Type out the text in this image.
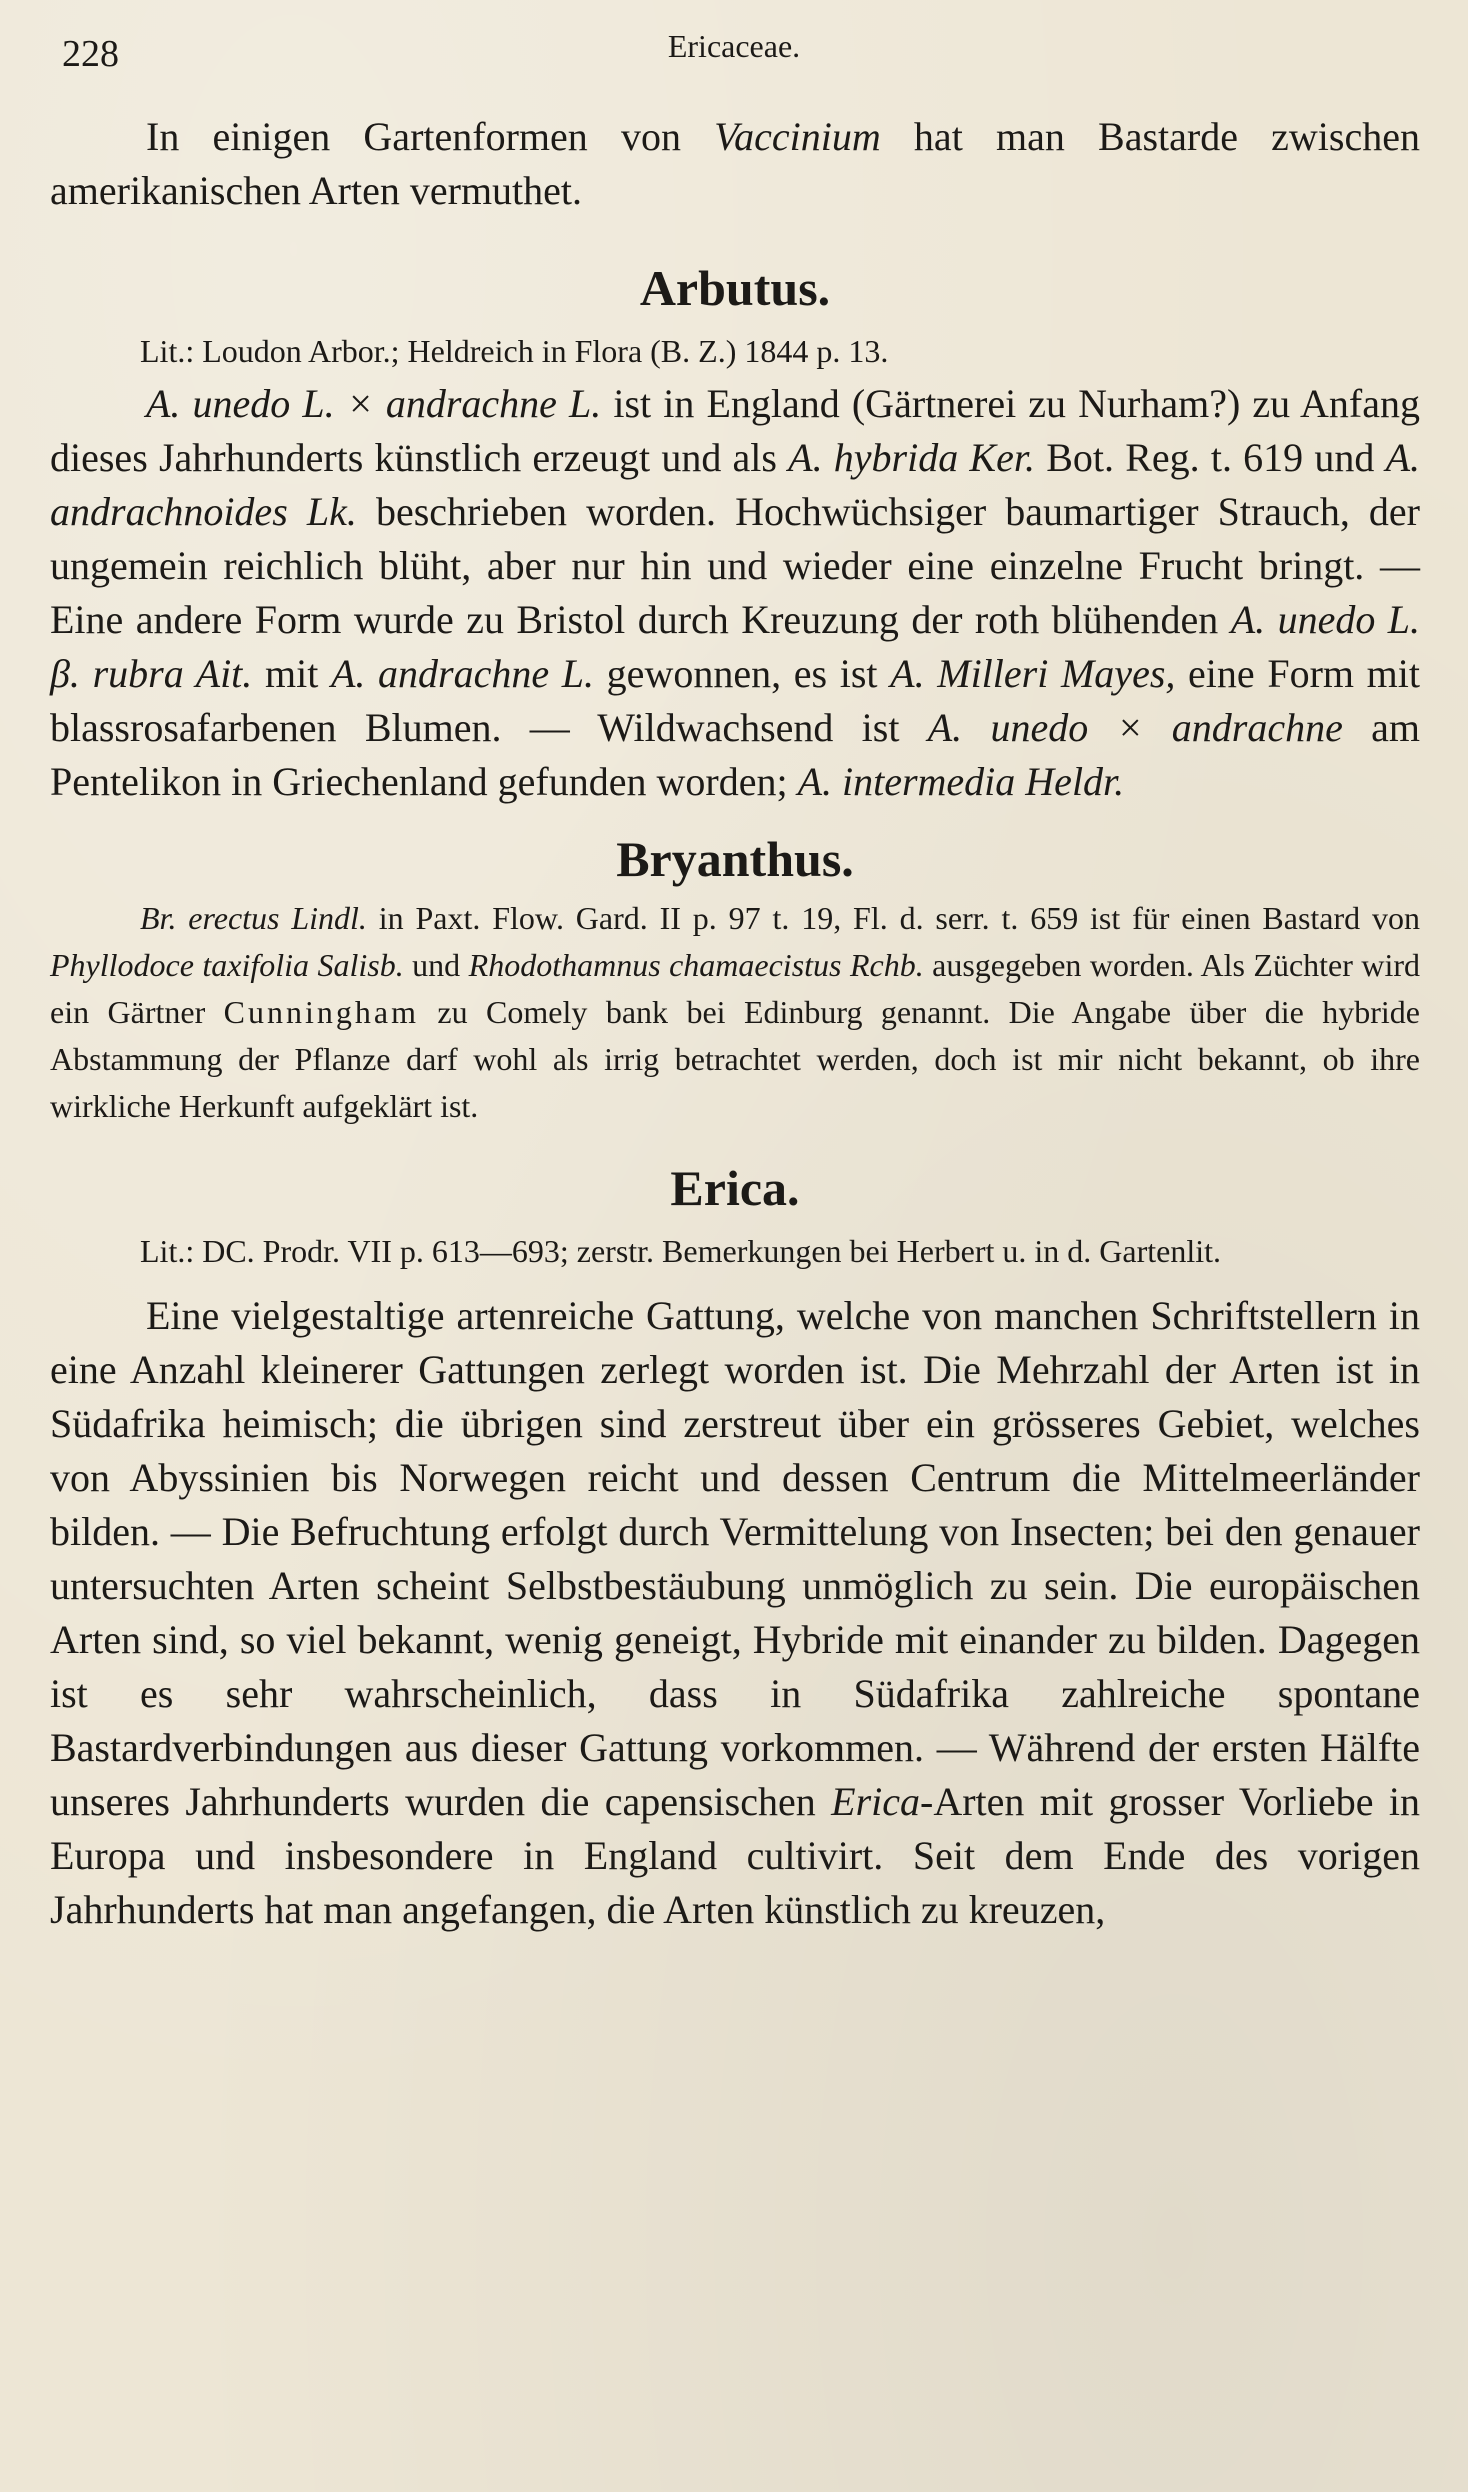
228	Ericaceae.

In einigen Gartenformen von Vaccinium hat man Bastarde zwischen amerikanischen Arten vermuthet.

Arbutus.

Lit.: Loudon Arbor.; Heldreich in Flora (B. Z.) 1844 p. 13.

A. unedo L. × andrachne L. ist in England (Gärtnerei zu Nurham?) zu Anfang dieses Jahrhunderts künstlich erzeugt und als A. hybrida Ker. Bot. Reg. t. 619 und A. andrachnoides Lk. beschrieben worden. Hochwüchsiger baumartiger Strauch, der ungemein reichlich blüht, aber nur hin und wieder eine einzelne Frucht bringt. — Eine andere Form wurde zu Bristol durch Kreuzung der roth blühenden A. unedo L. β. rubra Ait. mit A. andrachne L. gewonnen, es ist A. Milleri Mayes, eine Form mit blassrosafarbenen Blumen. — Wildwachsend ist A. unedo × andrachne am Pentelikon in Griechenland gefunden worden; A. intermedia Heldr.

Bryanthus.

Br. erectus Lindl. in Paxt. Flow. Gard. II p. 97 t. 19, Fl. d. serr. t. 659 ist für einen Bastard von Phyllodoce taxifolia Salisb. und Rhodothamnus chamaecistus Rchb. ausgegeben worden. Als Züchter wird ein Gärtner Cunningham zu Comely bank bei Edinburg genannt. Die Angabe über die hybride Abstammung der Pflanze darf wohl als irrig betrachtet werden, doch ist mir nicht bekannt, ob ihre wirkliche Herkunft aufgeklärt ist.

Erica.

Lit.: DC. Prodr. VII p. 613—693; zerstr. Bemerkungen bei Herbert u. in d. Gartenlit.

Eine vielgestaltige artenreiche Gattung, welche von manchen Schriftstellern in eine Anzahl kleinerer Gattungen zerlegt worden ist. Die Mehrzahl der Arten ist in Südafrika heimisch; die übrigen sind zerstreut über ein grösseres Gebiet, welches von Abyssinien bis Norwegen reicht und dessen Centrum die Mittelmeerländer bilden. — Die Befruchtung erfolgt durch Vermittelung von Insecten; bei den genauer untersuchten Arten scheint Selbstbestäubung unmöglich zu sein. Die europäischen Arten sind, so viel bekannt, wenig geneigt, Hybride mit einander zu bilden. Dagegen ist es sehr wahrscheinlich, dass in Südafrika zahlreiche spontane Bastardverbindungen aus dieser Gattung vorkommen. — Während der ersten Hälfte unseres Jahrhunderts wurden die capensischen Erica-Arten mit grosser Vorliebe in Europa und insbesondere in England cultivirt. Seit dem Ende des vorigen Jahrhunderts hat man angefangen, die Arten künstlich zu kreuzen,
